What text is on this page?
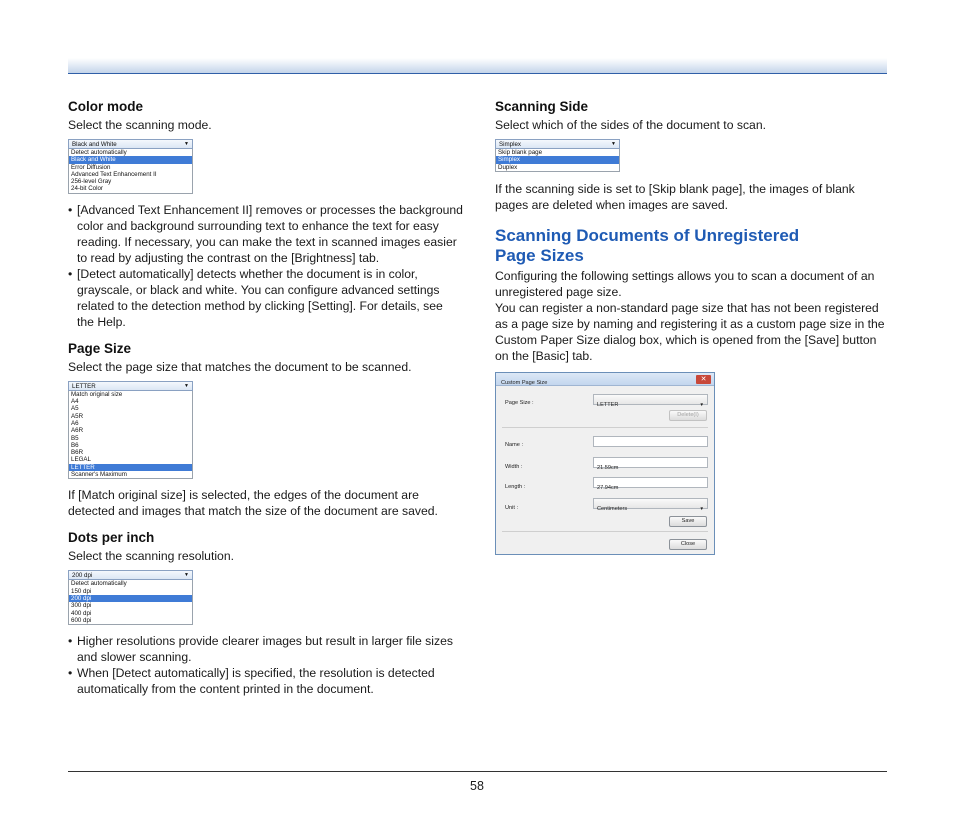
Color mode

Select the scanning mode.

Black and White	▼
Detect automatically
Black and White
Error Diffusion
Advanced Text Enhancement II
256-level Gray
24-bit Color
• [Advanced Text Enhancement II] removes or processes the background color and background surrounding text to enhance the text for easy reading. If necessary, you can make the text in scanned images easier to read by adjusting the contrast on the [Brightness] tab.
• [Detect automatically] detects whether the document is in color, grayscale, or black and white. You can configure advanced settings related to the detection method by clicking [Setting]. For details, see the Help.
Page Size

Select the page size that matches the document to be scanned.

LETTER	▼
Match original size
A4
A5
A5R
A6
A6R
B5
B6
B6R
LEGAL
LETTER
Scanner's Maximum

If [Match original size] is selected, the edges of the document are detected and images that match the size of the document are saved.

Dots per inch

Select the scanning resolution.

200 dpi	▼
Detect automatically
150 dpi
200 dpi
300 dpi
400 dpi
600 dpi
• Higher resolutions provide clearer images but result in larger file sizes and slower scanning.
• When [Detect automatically] is specified, the resolution is detected automatically from the content printed in the document.
Scanning Side

Select which of the sides of the document to scan.

Simplex	▼
Skip blank page
Simplex
Duplex

If the scanning side is set to [Skip blank page], the images of blank pages are deleted when images are saved.

Scanning Documents of Unregistered
Page Sizes

Configuring the following settings allows you to scan a document of an unregistered page size.

You can register a non-standard page size that has not been registered as a page size by naming and registering it as a custom page size in the Custom Paper Size dialog box, which is opened from the [Save] button on the [Basic] tab.

Custom Page Size	✕
Page Size :	LETTER	▼
Delete(I)
Name :
Width :	21.59cm
Length :	27.94cm
Unit :	Centimeters	▼
Save
Close
58
